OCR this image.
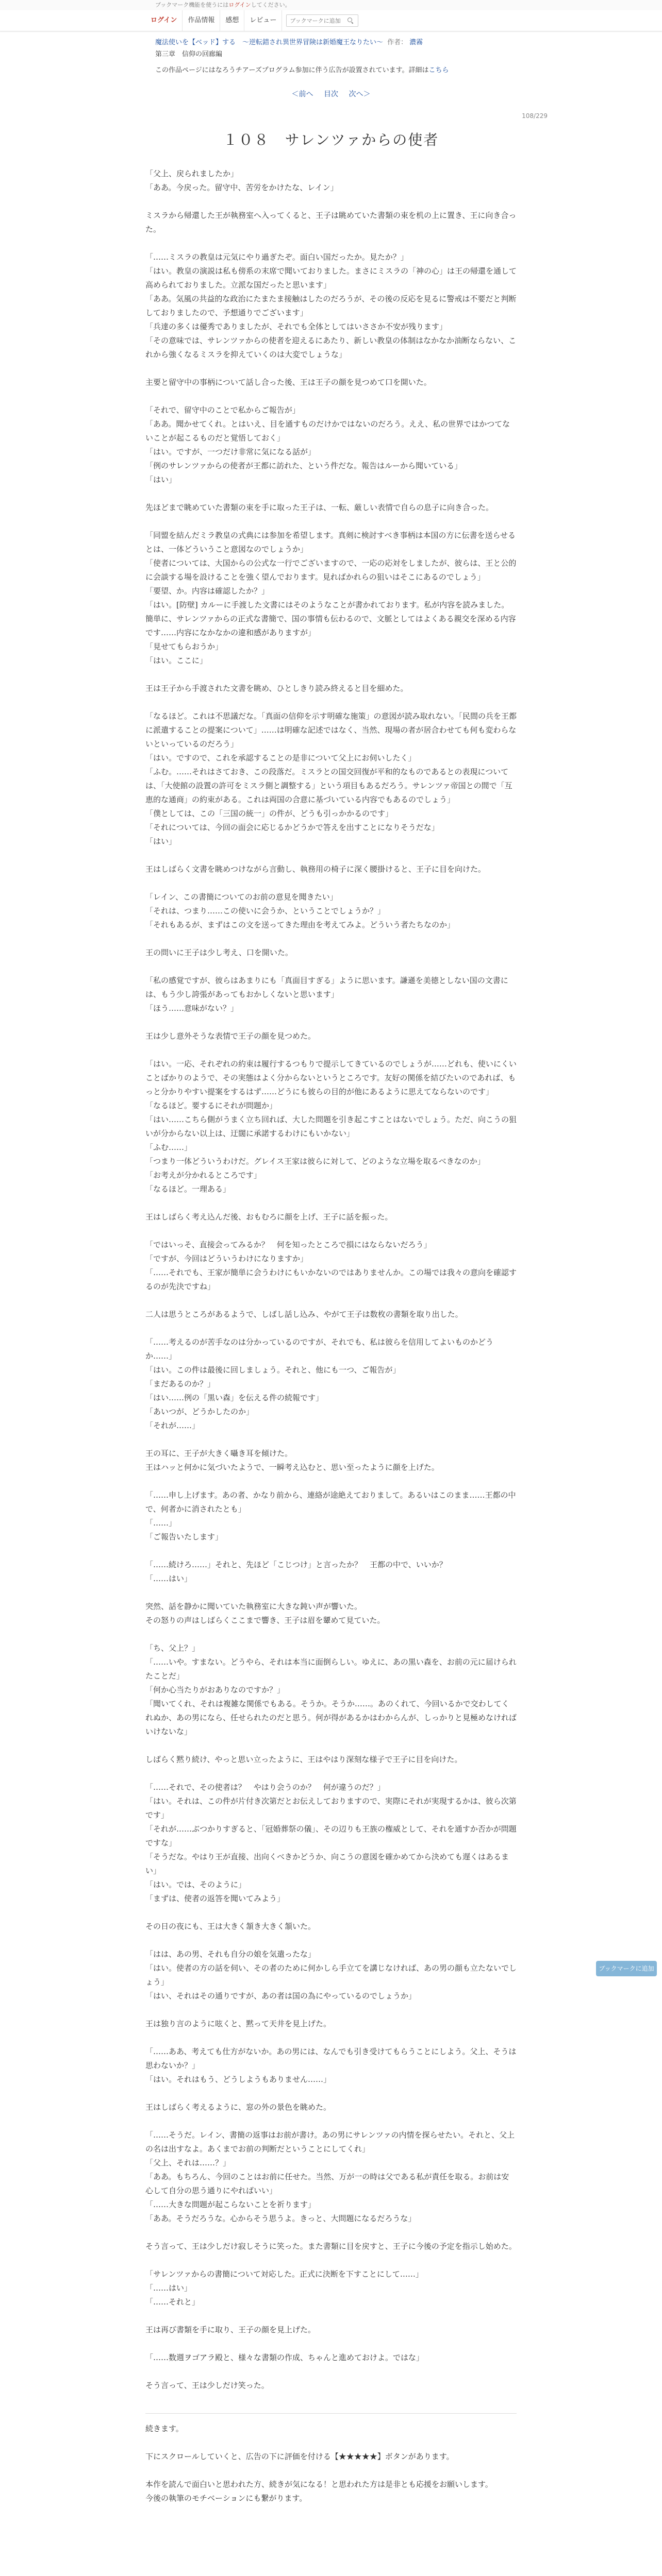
ブックマーク機能を使うにはログインしてください。
ログイン	作品情報	感想	レビュー
ブックマークに追加
魔法使いを【ベッド】する　～逆転錯され異世界冒険は新婚魔王なりたい～ 作者： 濃霧
第三章　信仰の回廊編
この作品ページにはなろうチアーズプログラム参加に伴う広告が設置されています。詳細はこちら
＜前へ 目次 次へ＞
108/229
１０８　サレンツァからの使者

「父上、戻られましたか」

「ああ。今戻った。留守中、苦労をかけたな、レイン」

ミスラから帰還した王が執務室へ入ってくると、王子は眺めていた書類の束を机の上に置き、王に向き合った。

「……ミスラの教皇は元気にやり過ぎたぞ。面白い国だったか。見たか？」

「はい。教皇の演説は私も傍系の末席で聞いておりました。まさにミスラの「神の心」は王の帰還を通して高められておりました。立派な国だったと思います」

「ああ。気風の共益的な政治にたまたま接触はしたのだろうが、その後の反応を見るに警戒は不要だと判断しておりましたので、予想通りでございます」

「兵達の多くは優秀でありましたが、それでも全体としてはいささか不安が残ります」

「その意味では、サレンツァからの使者を迎えるにあたり、新しい教皇の体制はなかなか油断ならない、これから強くなるミスラを抑えていくのは大変でしょうな」

主要と留守中の事柄について話し合った後、王は王子の顔を見つめて口を開いた。

「それで、留守中のことで私からご報告が」

「ああ。聞かせてくれ。とはいえ、目を通すものだけかではないのだろう。ええ、私の世界ではかつてないことが起こるものだと覚悟しておく」

「はい。ですが、一つだけ非常に気になる話が」

「例のサレンツァからの使者が王都に訪れた、という件だな。報告はルーから聞いている」

「はい」

先ほどまで眺めていた書類の束を手に取った王子は、一転、厳しい表情で自らの息子に向き合った。

「同盟を結んだミラ教皇の式典には参加を希望します。真剣に検討すべき事柄は本国の方に伝書を送らせるとは、一体どういうこと意図なのでしょうか」

「使者については、大国からの公式な一行でございますので、一応の応対をしましたが、彼らは、王と公的に会談する場を設けることを強く望んでおります。見ればかれらの狙いはそこにあるのでしょう」

「要望、か。内容は確認したか？」

「はい。[防壁] カルーに手渡した文書にはそのようなことが書かれております。私が内容を読みました。簡単に、サレンツァからの正式な書簡で、国の事情も伝わるので、文脈としてはよくある親交を深める内容です……内容になかなかの違和感がありますが」

「見せてもらおうか」

「はい。ここに」

王は王子から手渡された文書を眺め、ひとしきり読み終えると目を細めた。

「なるほど。これは不思議だな。「真面の信仰を示す明確な施策」の意図が読み取れない。「民間の兵を王都に派遣することの提案について」……は明確な記述ではなく、当然、現場の者が居合わせても何も変わらないといっているのだろう」

「はい。ですので、これを承認することの是非について父上にお伺いしたく」

「ふむ。……それはさておき、この段落だ。ミスラとの国交回復が平和的なものであるとの表現については、「大使館の設置の許可をミスラ側と調整する」という項目もあるだろう。サレンツァ帝国との間で「互恵的な通商」の約束がある。これは両国の合意に基づいている内容でもあるのでしょう」

「僕としては、この「三国の統一」の件が、どうも引っかかるのです」

「それについては、今回の面会に応じるかどうかで答えを出すことになりそうだな」

「はい」

王はしばらく文書を眺めつけながら言動し、執務用の椅子に深く腰掛けると、王子に目を向けた。

「レイン、この書簡についてのお前の意見を聞きたい」

「それは、つまり……この使いに会うか、ということでしょうか？」

「それもあるが、まずはこの文を送ってきた理由を考えてみよ。どういう者たちなのか」

王の問いに王子は少し考え、口を開いた。

「私の感覚ですが、彼らはあまりにも「真面目すぎる」ように思います。謙遜を美徳としない国の文書には、もう少し誇張があってもおかしくないと思います」

「ほう……意味がない？」

王は少し意外そうな表情で王子の顔を見つめた。

「はい。一応、それぞれの約束は履行するつもりで提示してきているのでしょうが……どれも、使いにくいことばかりのようで、その実態はよく分からないというところです。友好の関係を結びたいのであれば、もっと分かりやすい提案をするはず……どうにも彼らの目的が他にあるように思えてならないのです」

「なるほど。要するにそれが問題か」

「はい……こちら側がうまく立ち回れば、大した問題を引き起こすことはないでしょう。ただ、向こうの狙いが分からない以上は、迂闊に承諾するわけにもいかない」

「ふむ……」

「つまり一体どういうわけだ。グレイス王家は彼らに対して、どのような立場を取るべきなのか」

「お考えが分かれるところです」

「なるほど。一理ある」

王はしばらく考え込んだ後、おもむろに顔を上げ、王子に話を振った。

「ではいっそ、直接会ってみるか？　何を知ったところで損にはならないだろう」

「ですが、今回はどういうわけになりますか」

「……それでも、王家が簡単に会うわけにもいかないのではありませんか。この場では我々の意向を確認するのが先決ですね」

二人は思うところがあるようで、しばし話し込み、やがて王子は数枚の書類を取り出した。

「……考えるのが苦手なのは分かっているのですが、それでも、私は彼らを信用してよいものかどうか……」

「はい。この件は最後に回しましょう。それと、他にも一つ、ご報告が」

「まだあるのか？」

「はい……例の「黒い森」を伝える件の続報です」

「あいつが、どうかしたのか」

「それが……」

王の耳に、王子が大きく囁き耳を傾けた。

王はハッと何かに気づいたようで、一瞬考え込むと、思い至ったように顔を上げた。

「……申し上げます。あの者、かなり前から、連絡が途絶えておりまして。あるいはこのまま……王都の中で、何者かに消されたとも」

「……」

「ご報告いたします」

「……続けろ……」それと、先ほど「こじつけ」と言ったか？　王都の中で、いいか？

「……はい」

突然、話を静かに聞いていた執務室に大きな鈍い声が響いた。

その怒りの声はしばらくここまで響き、王子は眉を顰めて見ていた。

「ち、父上？」

「……いや。すまない。どうやら、それは本当に面倒らしい。ゆえに、あの黒い森を、お前の元に届けられたことだ」

「何か心当たりがおありなのですか？」

「聞いてくれ、それは複雑な関係でもある。そうか。そうか……。あのくれて、今回いるかで交わしてくれぬか、あの男になら、任せられたのだと思う。何が得があるかはわからんが、しっかりと見極めなければいけないな」

しばらく黙り続け、やっと思い立ったように、王はやはり深刻な様子で王子に目を向けた。

「……それで、その使者は？　やはり会うのか？　何が違うのだ？」

「はい。それは、この件が片付き次第だとお伝えしておりますので、実際にそれが実現するかは、彼ら次第です」

「それが……ぶつかりすぎると、「冠婚葬祭の儀」、その辺りも王族の権威として、それを通すか否かが問題ですな」

「そうだな。やはり王が直接、出向くべきかどうか、向こうの意図を確かめてから決めても遅くはあるまい」

「はい。では、そのように」

「まずは、使者の返答を聞いてみよう」

その日の夜にも、王は大きく頷き大きく頷いた。

「はは、あの男、それも自分の娘を気遣ったな」

「はい。使者の方の話を伺い、その者のために何かしら手立てを講じなければ、あの男の顔も立たないでしょう」

「はい、それはその通りですが、あの者は国の為にやっているのでしょうか」

王は独り言のように呟くと、黙って天井を見上げた。

「……ああ、考えても仕方がないか。あの男には、なんでも引き受けてもらうことにしよう。父上、そうは思わないか？」

「はい。それはもう、どうしようもありません……」

王はしばらく考えるように、窓の外の景色を眺めた。

「……そうだ。レイン、書簡の返事はお前が書け。あの男にサレンツァの内情を探らせたい。それと、父上の名は出すなよ。あくまでお前の判断だということにしてくれ」

「父上、それは……？」

「ああ。もちろん、今回のことはお前に任せた。当然、万が一の時は父である私が責任を取る。お前は安心して自分の思う通りにやればいい」

「……大きな問題が起こらないことを祈ります」

「ああ。そうだろうな。心からそう思うよ。きっと、大問題になるだろうな」

そう言って、王は少しだけ寂しそうに笑った。また書類に目を戻すと、王子に今後の予定を指示し始めた。

「サレンツァからの書簡について対応した。正式に決断を下すことにして……」

「……はい」

「……それと」

王は再び書類を手に取り、王子の顔を見上げた。

「……数週ヲゴアラ殿と、様々な書類の作成、ちゃんと進めておけよ。ではな」

そう言って、王は少しだけ笑った。

続きます。

下にスクロールしていくと、広告の下に評価を付ける【★★★★★】ボタンがあります。

本作を読んで面白いと思われた方、続きが気になる！と思われた方は是非とも応援をお願いします。

今後の執筆のモチベーションにも繋がります。

ブックマークに追加
